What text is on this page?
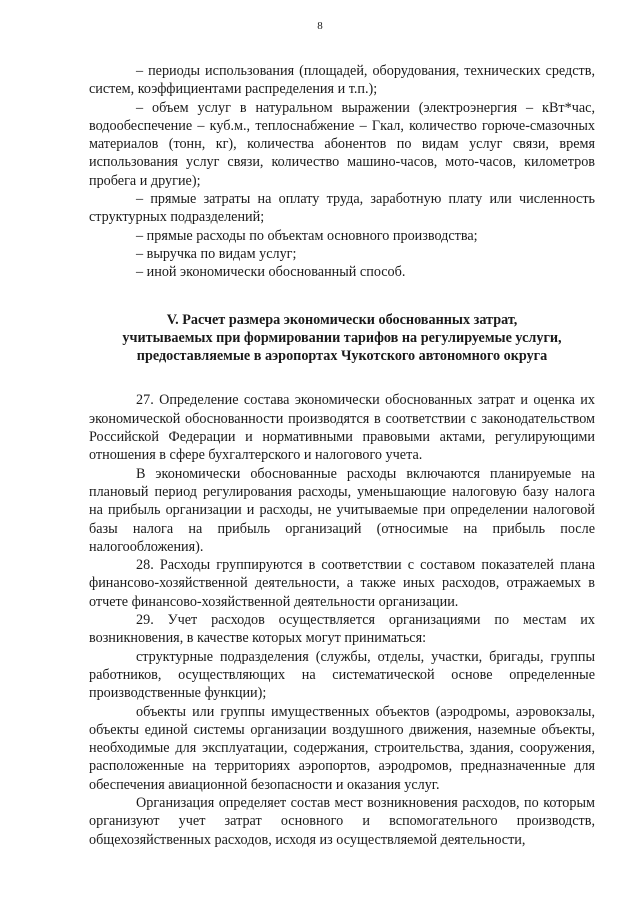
8

– периоды использования (площадей, оборудования, технических средств, систем, коэффициентами распределения и т.п.);

– объем услуг в натуральном выражении (электроэнергия – кВт*час, водообеспечение – куб.м., теплоснабжение – Гкал, количество горюче-смазочных материалов (тонн, кг), количества абонентов по видам услуг связи, время использования услуг связи, количество машино-часов, мото-часов, километров пробега и другие);

– прямые затраты на оплату труда, заработную плату или численность структурных подразделений;

– прямые расходы по объектам основного производства;

– выручка по видам услуг;

– иной экономически обоснованный способ.

V. Расчет размера экономически обоснованных затрат,
учитываемых при формировании тарифов на регулируемые услуги,
предоставляемые в аэропортах Чукотского автономного округа

27. Определение состава экономически обоснованных затрат и оценка их экономической обоснованности производятся в соответствии с законодательством Российской Федерации и нормативными правовыми актами, регулирующими отношения в сфере бухгалтерского и налогового учета.

В экономически обоснованные расходы включаются планируемые на плановый период регулирования расходы, уменьшающие налоговую базу налога на прибыль организации и расходы, не учитываемые при определении налоговой базы налога на прибыль организаций (относимые на прибыль после налогообложения).

28. Расходы группируются в соответствии с составом показателей плана финансово-хозяйственной деятельности, а также иных расходов, отражаемых в отчете финансово-хозяйственной деятельности организации.

29. Учет расходов осуществляется организациями по местам их возникновения, в качестве которых могут приниматься:

структурные подразделения (службы, отделы, участки, бригады, группы работников, осуществляющих на систематической основе определенные производственные функции);

объекты или группы имущественных объектов (аэродромы, аэровокзалы, объекты единой системы организации воздушного движения, наземные объекты, необходимые для эксплуатации, содержания, строительства, здания, сооружения, расположенные на территориях аэропортов, аэродромов, предназначенные для обеспечения авиационной безопасности и оказания услуг.

Организация определяет состав мест возникновения расходов, по которым организуют учет затрат основного и вспомогательного производств, общехозяйственных расходов, исходя из осуществляемой деятельности,
